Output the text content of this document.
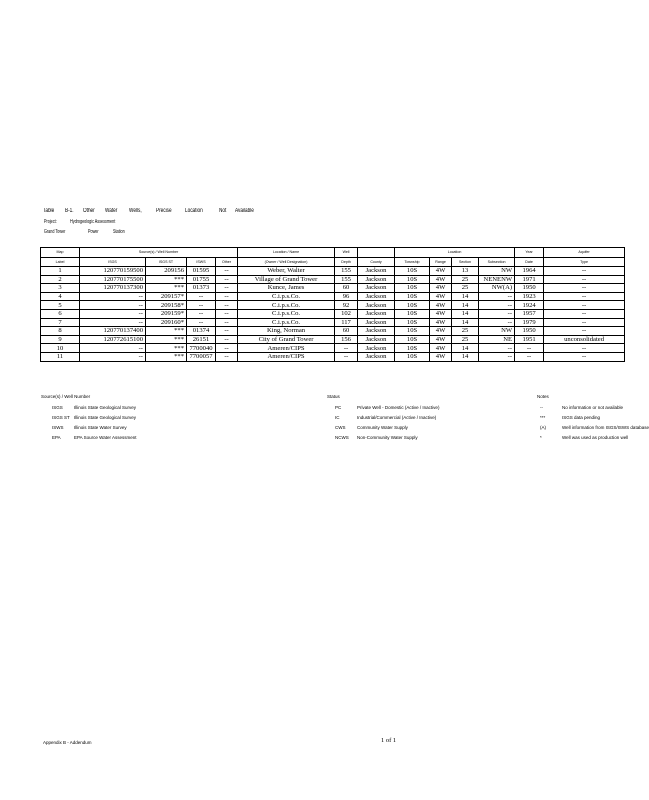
Table B-1. Other Water Wells, Precise Location	Not Available
Project:	Hydrogeologic Assessment
Grand Tower	Power	Station
Map	Source(s) / Well Number				Location / Name	Well		Location				Year	Aquifer
Label	ISGS	ISGS ST	ISWS	Other	(Owner / Well Designation)	Depth	County	Township	Range	Section	Subsection	Date	Type
1	120770159500	209156	01595	--	Weber, Walter	155	Jackson	10S	4W	13	NW	1964	--
2	120770175500	***	01755	--	Village of Grand Tower	155	Jackson	10S	4W	25	NENENW	1971	--
3	120770137300	***	01373	--	Kunce, James	60	Jackson	10S	4W	25	NW(A)	1950	--
4	--	209157*	--	--	C.i.p.s.Co.	96	Jackson	10S	4W	14	--	1923	--
5	--	209158*	--	--	C.i.p.s.Co.	92	Jackson	10S	4W	14	--	1924	--
6	--	209159*	--	--	C.i.p.s.Co.	102	Jackson	10S	4W	14	--	1957	--
7	--	209160*	--	--	C.i.p.s.Co.	117	Jackson	10S	4W	14	--	1979	--
8	120770137400	***	01374	--	King, Norman	60	Jackson	10S	4W	25	NW	1950	--
9	120772615100	***	26151	--	City of Grand Tower	156	Jackson	10S	4W	25	NE	1951	unconsolidated
10	--	***	7700040	--	Ameren/CIPS	--	Jackson	10S	4W	14	--	--	--
11	--	***	7700057	--	Ameren/CIPS	--	Jackson	10S	4W	14	--	--	--
Source(s) / Well Number
ISGS	Illinois State Geological Survey
ISGS ST Illinois State Geological Survey
ISWS	Illinois State Water Survey
EPA	EPA Source Water Assessment
Status
PC	Private Well - Domestic (Active / Inactive)
IC	Industrial/Commercial (Active / Inactive)
CWS	Community Water Supply
NCWS	Non-Community Water Supply
Notes
--	No information or not available
***	ISGS data pending
(A)	Well information from ISGS/ISWS database
*	Well was used as production well
Appendix B - Addendum	1 of 1
